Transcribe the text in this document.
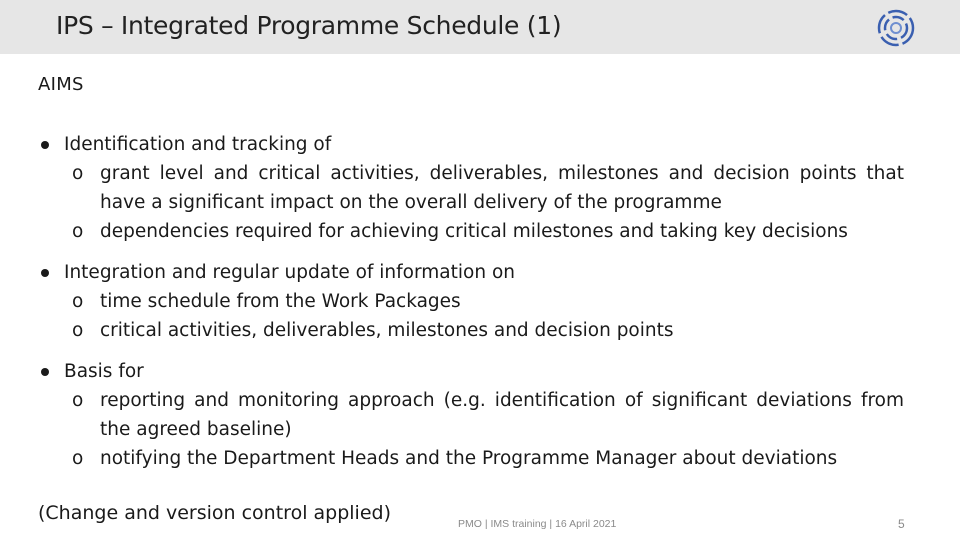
IPS – Integrated Programme Schedule (1)
AIMS
Identification and tracking of
o grant level and critical activities, deliverables, milestones and decision points that have a significant impact on the overall delivery of the programme
o dependencies required for achieving critical milestones and taking key decisions
Integration and regular update of information on
o time schedule from the Work Packages
o critical activities, deliverables, milestones and decision points
Basis for
o reporting and monitoring approach (e.g. identification of significant deviations from the agreed baseline)
o notifying the Department Heads and the Programme Manager about deviations
(Change and version control applied)	PMO | IMS training | 16 April 2021	5
